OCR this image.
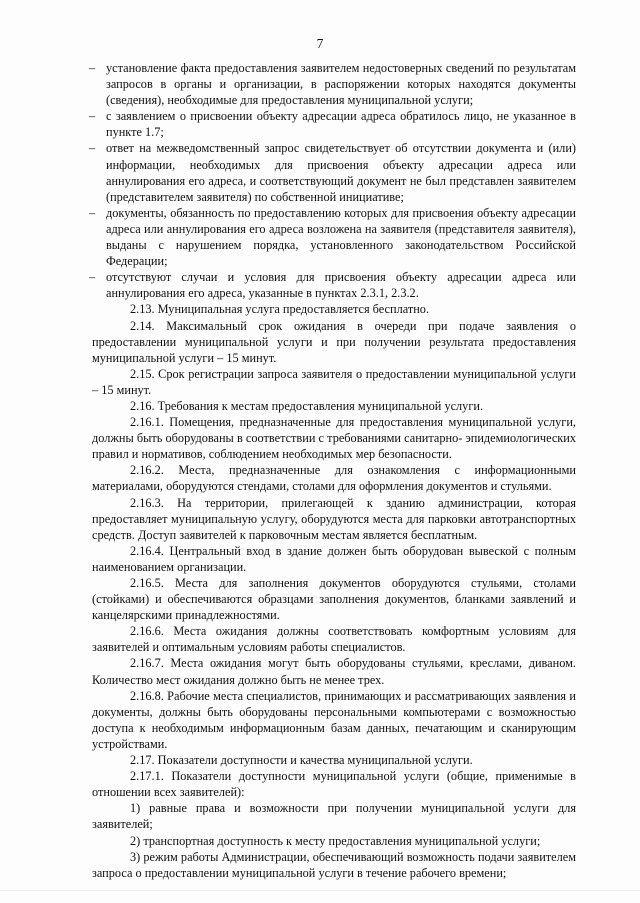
7

– установление факта предоставления заявителем недостоверных сведений по результатам запросов в органы и организации, в распоряжении которых находятся документы (сведения), необходимые для предоставления муниципальной услуги;

– с заявлением о присвоении объекту адресации адреса обратилось лицо, не указанное в пункте 1.7;

– ответ на межведомственный запрос свидетельствует об отсутствии документа и (или) информации, необходимых для присвоения объекту адресации адреса или аннулирования его адреса, и соответствующий документ не был представлен заявителем (представителем заявителя) по собственной инициативе;

– документы, обязанность по предоставлению которых для присвоения объекту адресации адреса или аннулирования его адреса возложена на заявителя (представителя заявителя), выданы с нарушением порядка, установленного законодательством Российской Федерации;

– отсутствуют случаи и условия для присвоения объекту адресации адреса или аннулирования его адреса, указанные в пунктах 2.3.1, 2.3.2.

2.13. Муниципальная услуга предоставляется бесплатно.

2.14. Максимальный срок ожидания в очереди при подаче заявления о предоставлении муниципальной услуги и при получении результата предоставления муниципальной услуги – 15 минут.

2.15. Срок регистрации запроса заявителя о предоставлении муниципальной услуги – 15 минут.

2.16. Требования к местам предоставления муниципальной услуги.

2.16.1. Помещения, предназначенные для предоставления муниципальной услуги, должны быть оборудованы в соответствии с требованиями санитарно- эпидемиологических правил и нормативов, соблюдением необходимых мер безопасности.

2.16.2. Места, предназначенные для ознакомления с информационными материалами, оборудуются стендами, столами для оформления документов и стульями.

2.16.3. На территории, прилегающей к зданию администрации, которая предоставляет муниципальную услугу, оборудуются места для парковки автотранспортных средств. Доступ заявителей к парковочным местам является бесплатным.

2.16.4. Центральный вход в здание должен быть оборудован вывеской с полным наименованием организации.

2.16.5. Места для заполнения документов оборудуются стульями, столами (стойками) и обеспечиваются образцами заполнения документов, бланками заявлений и канцелярскими принадлежностями.

2.16.6. Места ожидания должны соответствовать комфортным условиям для заявителей и оптимальным условиям работы специалистов.

2.16.7. Места ожидания могут быть оборудованы стульями, креслами, диваном. Количество мест ожидания должно быть не менее трех.

2.16.8. Рабочие места специалистов, принимающих и рассматривающих заявления и документы, должны быть оборудованы персональными компьютерами с возможностью доступа к необходимым информационным базам данных, печатающим и сканирующим устройствами.

2.17. Показатели доступности и качества муниципальной услуги.

2.17.1. Показатели доступности муниципальной услуги (общие, применимые в отношении всех заявителей):

1) равные права и возможности при получении муниципальной услуги для заявителей;

2) транспортная доступность к месту предоставления муниципальной услуги;

3) режим работы Администрации, обеспечивающий возможность подачи заявителем запроса о предоставлении муниципальной услуги в течение рабочего времени;
